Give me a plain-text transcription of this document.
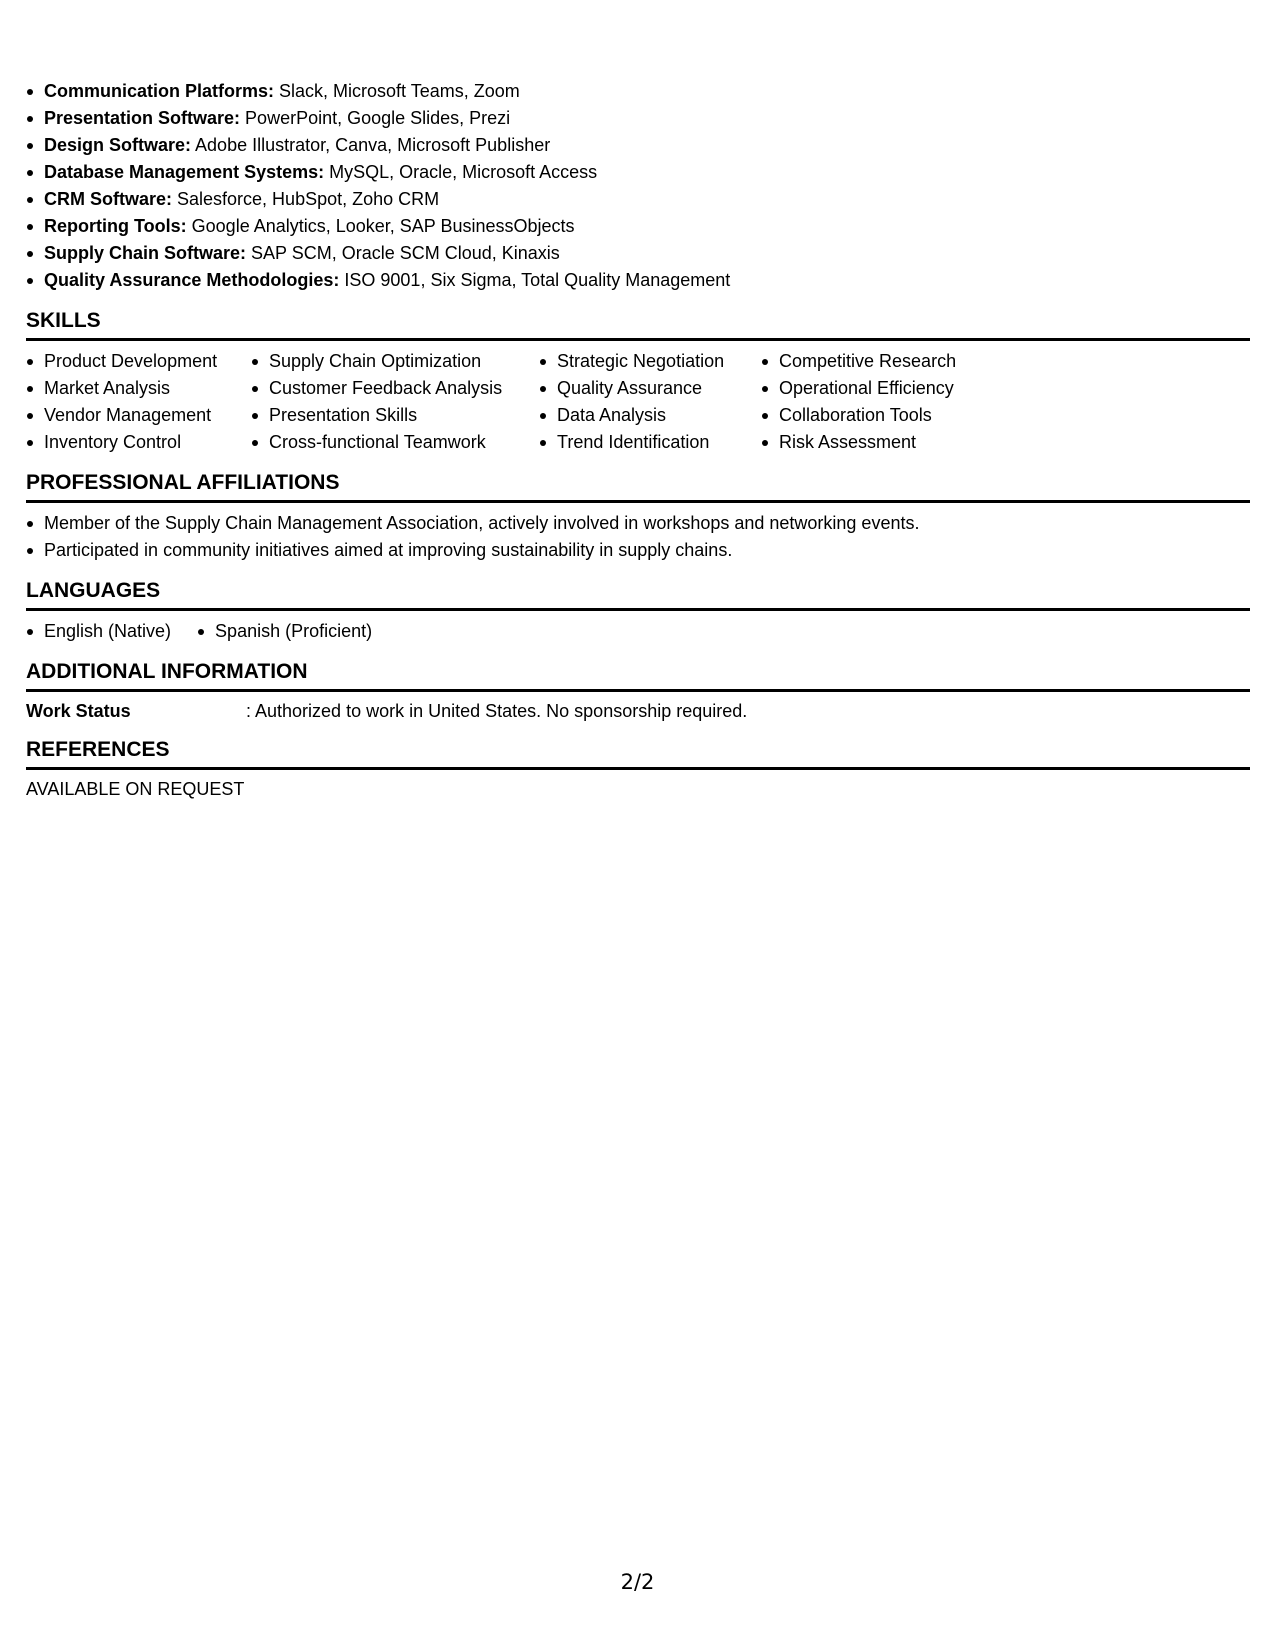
Communication Platforms: Slack, Microsoft Teams, Zoom
Presentation Software: PowerPoint, Google Slides, Prezi
Design Software: Adobe Illustrator, Canva, Microsoft Publisher
Database Management Systems: MySQL, Oracle, Microsoft Access
CRM Software: Salesforce, HubSpot, Zoho CRM
Reporting Tools: Google Analytics, Looker, SAP BusinessObjects
Supply Chain Software: SAP SCM, Oracle SCM Cloud, Kinaxis
Quality Assurance Methodologies: ISO 9001, Six Sigma, Total Quality Management
SKILLS
Product Development
Market Analysis
Vendor Management
Inventory Control
Supply Chain Optimization
Customer Feedback Analysis
Presentation Skills
Cross-functional Teamwork
Strategic Negotiation
Quality Assurance
Data Analysis
Trend Identification
Competitive Research
Operational Efficiency
Collaboration Tools
Risk Assessment
PROFESSIONAL AFFILIATIONS
Member of the Supply Chain Management Association, actively involved in workshops and networking events.
Participated in community initiatives aimed at improving sustainability in supply chains.
LANGUAGES
English (Native)	Spanish (Proficient)
ADDITIONAL INFORMATION
Work Status	: Authorized to work in United States. No sponsorship required.
REFERENCES
AVAILABLE ON REQUEST
2/2
